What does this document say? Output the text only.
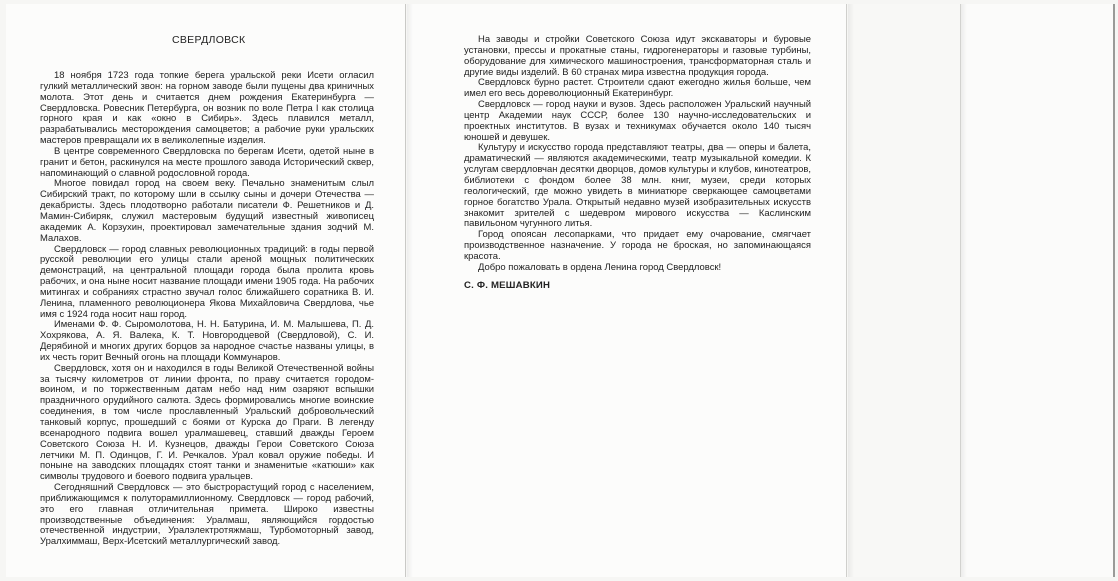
СВЕРДЛОВСК

18 ноября 1723 года топкие берега уральской реки Исети огласил гулкий металлический звон: на горном заводе были пущены два криничных молота. Этот день и считается днем рождения Екатеринбурга — Свердловска. Ровесник Петербурга, он возник по воле Петра I как столица горного края и как «окно в Сибирь». Здесь плавился металл, разрабатывались месторождения самоцветов; а рабочие руки уральских мастеров превращали их в великолепные изделия.

В центре современного Свердловска по берегам Исети, одетой ныне в гранит и бетон, раскинулся на месте прошлого завода Исторический сквер, напоминающий о славной родословной города.

Многое повидал город на своем веку. Печально знаменитым слыл Сибирский тракт, по которому шли в ссылку сыны и дочери Отечества — декабристы. Здесь плодотворно работали писатели Ф. Решетников и Д. Мамин-Сибиряк, служил мастеровым будущий известный живописец академик А. Корзухин, проектировал замечательные здания зодчий М. Малахов.

Свердловск — город славных революционных традиций: в годы первой русской революции его улицы стали ареной мощных политических демонстраций, на центральной площади города была пролита кровь рабочих, и она ныне носит название площади имени 1905 года. На рабочих митингах и собраниях страстно звучал голос ближайшего соратника В. И. Ленина, пламенного революционера Якова Михайловича Свердлова, чье имя с 1924 года носит наш город.

Именами Ф. Ф. Сыромолотова, Н. Н. Батурина, И. М. Малышева, П. Д. Хохрякова, А. Я. Валека, К. Т. Новгородцевой (Свердловой), С. И. Дерябиной и многих других борцов за народное счастье названы улицы, в их честь горит Вечный огонь на площади Коммунаров.

Свердловск, хотя он и находился в годы Великой Отечественной войны за тысячу километров от линии фронта, по праву считается городом-воином, и по торжественным датам небо над ним озаряют вспышки праздничного орудийного салюта. Здесь формировались многие воинские соединения, в том числе прославленный Уральский добровольческий танковый корпус, прошедший с боями от Курска до Праги. В легенду всенародного подвига вошел уралмашевец, ставший дважды Героем Советского Союза Н. И. Кузнецов, дважды Герои Советского Союза летчики М. П. Одинцов, Г. И. Речкалов. Урал ковал оружие победы. И поныне на заводских площадях стоят танки и знаменитые «катюши» как символы трудового и боевого подвига уральцев.

Сегодняшний Свердловск — это быстрорастущий город с населением, приближающимся к полуторамиллионному. Свердловск — город рабочий, это его главная отличительная примета. Широко известны производственные объединения: Уралмаш, являющийся гордостью отечественной индустрии, Уралэлектротяжмаш, Турбомоторный завод, Уралхиммаш, Верх-Исетский металлургический завод.

На заводы и стройки Советского Союза идут экскаваторы и буровые установки, прессы и прокатные станы, гидрогенераторы и газовые турбины, оборудование для химического машиностроения, трансформаторная сталь и другие виды изделий. В 60 странах мира известна продукция города.

Свердловск бурно растет. Строители сдают ежегодно жилья больше, чем имел его весь дореволюционный Екатеринбург.

Свердловск — город науки и вузов. Здесь расположен Уральский научный центр Академии наук СССР, более 130 научно-исследовательских и проектных институтов. В вузах и техникумах обучается около 140 тысяч юношей и девушек.

Культуру и искусство города представляют театры, два — оперы и балета, драматический — являются академическими, театр музыкальной комедии. К услугам свердловчан десятки дворцов, домов культуры и клубов, кинотеатров, библиотеки с фондом более 38 млн. книг, музеи, среди которых геологический, где можно увидеть в миниатюре сверкающее самоцветами горное богатство Урала. Открытый недавно музей изобразительных искусств знакомит зрителей с шедевром мирового искусства — Каслинским павильоном чугунного литья.

Город опоясан лесопарками, что придает ему очарование, смягчает производственное назначение. У города не броская, но запоминающаяся красота.

Добро пожаловать в ордена Ленина город Свердловск!

С. Ф. МЕШАВКИН
